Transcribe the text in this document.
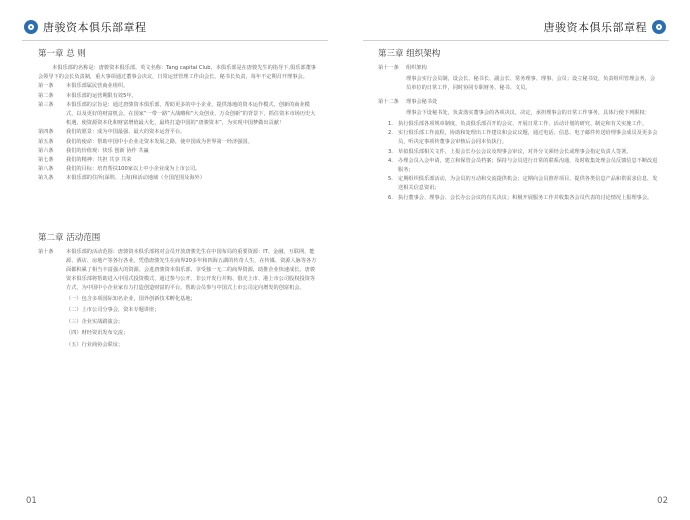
唐骏资本俱乐部章程
第一章 总 则

本俱乐部的名称是：唐骏资本俱乐部。英文名称：Tang capital Club，本俱乐部是在唐骏先生的指导下,俱乐部董事会领导下的会长负责制，重大事项通过董事会决议，日常运营管理工作由会长、秘书长负责，每年不定期召开理事会。

第一条	本俱乐部属民营商业组织。
第二条	本俱乐部的运营期限有效5年。
第三条	本俱乐部的宗旨是：通过唐骏资本俱乐部，帮助更多的中小企业，提供落地的资本运作模式，创新的商业模式，以及更好的财富机会。在国家“一带一路”大战略和“大众创业、万众创新”的背景下，抓住资本市场历史大机遇，使资源资本化和财富增值最大化，最终打造中国的“唐骏资本”，为实现中国梦做出贡献！
第四条	我们的愿景：成为中国最强、最大的资本运营平台。
第五条	我们的使命：帮助中国中小企业走资本发展之路，使中国成为世界第一经济强国。
第六条	我们的价值观：快乐 创新 协作 共赢
第七条	我们的精神：共担 共享 共荣
第八条	我们的目标：培育帮扶100家以上中小企业成为上市公司。
第九条	本俱乐部的住所(深圳、上海)和活动地域（全国范围及海外）
第二章 活动范围
第十条	本俱乐部的活动范围：唐骏资本俱乐部将对会员开放唐骏先生在中国布局的重要资源：IT、金融、互联网、能源、酒店、房地产等各行各业。凭借唐骏先生在商界20多年和四海五湖的传奇人生，在传媒、资源人脉等各方面都积累了相当丰富强大的资源。会进唐骏资本俱乐部，享受独一无二的商界资源，助推企业快速成长。唐骏资本俱乐部将帮助进入中国式投资模式，通过参与公开、非公开发行并购、借壳上市、港上市公司股权投资等方式，为中国中小企业家有力打造创造财富的平台，帮助会员参与中国式上市公司定向增发的创富机会。
（一）包含多项国际知名企业，国外创新技术孵化基地；
（二）上市公司分事会，资本专题讲座；
（三）企业实战路演会；
（四）财经资讯发布交流；
（五）行业商协会联谊；
01
唐骏资本俱乐部章程
第三章 组织架构
第十一条	组织架构
理事会实行会员制，设会长、秘书长、副会长、常务理事、理事、会员；设立秘书处，负责组织管理会务，会员单位的日常工作，同时协同专职财务、秘书、文员。
第十二条	理事会秘书处
理事会下设秘书处，负责落实董事会的各项决议，决定，承担理事会的日常工作事务，具体行使下列职权：
1. 执行俱乐部各项规章制度，负责俱乐部召开的会议、开展日常工作、活动计划的研究、制定和有关实施工作。
2. 实行俱乐部工作流程，协助和处理出工作建议和会议议题，通过电话、信息、电子邮件传送给理事会成员及更多会员，听决定事项传董事会审核后会同本负执行。
3. 草拟俱乐部相关文件，上报会长办公会议及理事会审议，对外分文须经会长或理事会指定负责人签署。
4. 办理会员入会申请，建立和保管会员档案；保持与会员进行日常的联系沟通，及时收集处理会员反馈信息不断改进服务；
5. 定期组织俱乐部活动，为会员的互动和交流提供机会；定期向会员推荐项目，提供各类信息产品和供需求信息，发送相关信息资讯；
6. 执行董事会、理事会、会长办公会议的有关决议；积极开展服务工作并收集各会员代表的讨论情况上报理事会。
02
